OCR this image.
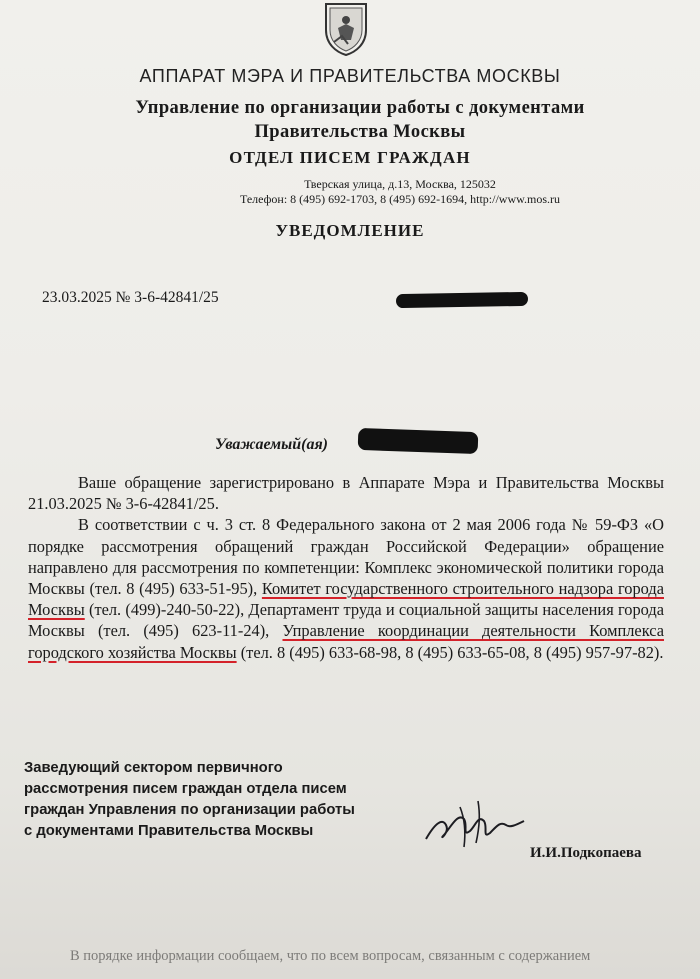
АППАРАТ МЭРА И ПРАВИТЕЛЬСТВА МОСКВЫ
Управление по организации работы с документами
Правительства Москвы
ОТДЕЛ ПИСЕМ ГРАЖДАН
Тверская улица, д.13, Москва, 125032
Телефон: 8 (495) 692-1703, 8 (495) 692-1694, http://www.mos.ru
УВЕДОМЛЕНИЕ
23.03.2025 № 3-6-42841/25
Уважаемый(ая)

Ваше обращение зарегистрировано в Аппарате Мэра и Правительства Москвы 21.03.2025 № 3-6-42841/25.

В соответствии с ч. 3 ст. 8 Федерального закона от 2 мая 2006 года № 59-ФЗ «О порядке рассмотрения обращений граждан Российской Федерации» обращение направлено для рассмотрения по компетенции: Комплекс экономической политики города Москвы (тел. 8 (495) 633-51-95), Комитет государственного строительного надзора города Москвы (тел. (499)-240-50-22), Департамент труда и социальной защиты населения города Москвы (тел. (495) 623-11-24), Управление координации деятельности Комплекса городского хозяйства Москвы (тел. 8 (495) 633-68-98, 8 (495) 633-65-08, 8 (495) 957-97-82).

Заведующий сектором первичного рассмотрения писем граждан отдела писем граждан Управления по организации работы с документами Правительства Москвы
И.И.Подкопаева
В порядке информации сообщаем, что по всем вопросам, связанным с содержанием
